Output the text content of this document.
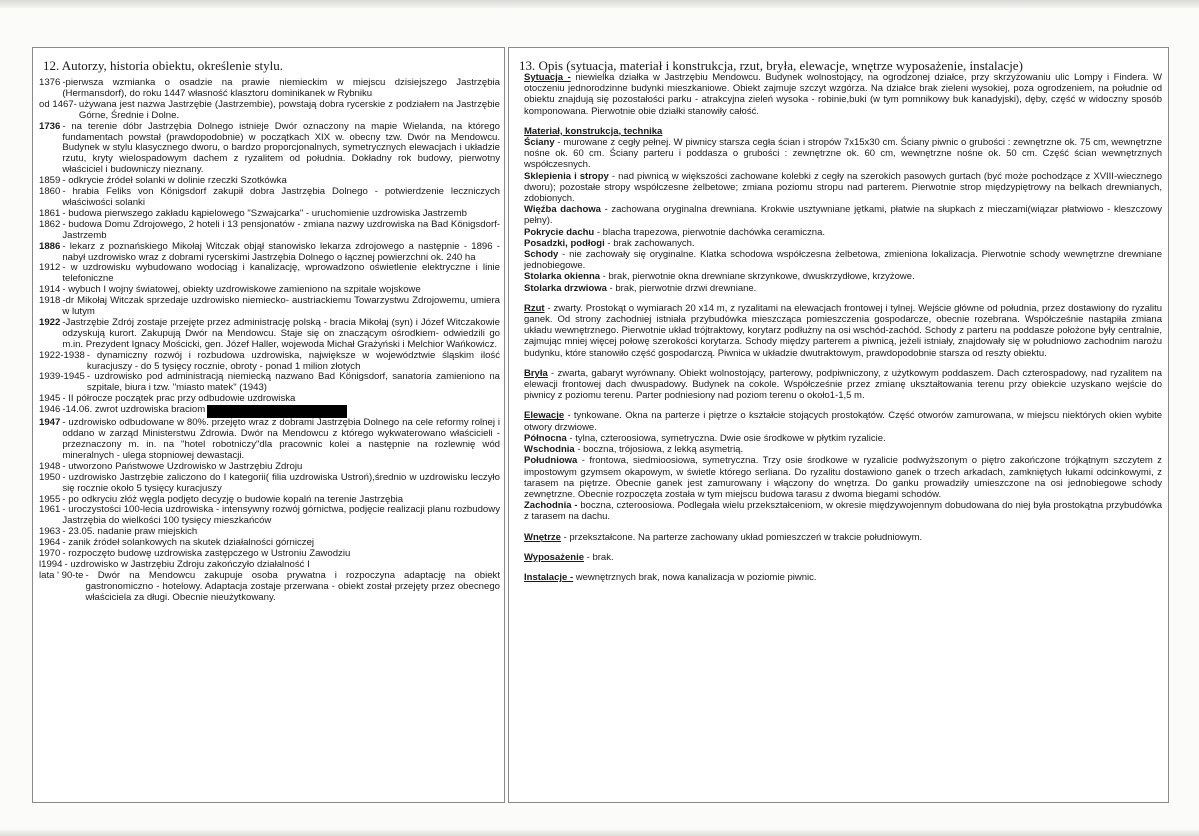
12. Autorzy, historia obiektu, określenie stylu.
1376 -pierwsza wzmianka o osadzie na prawie niemieckim w miejscu dzisiejszego Jastrzębia (Hermansdorf), do roku 1447 własność klasztoru dominikanek w Rybniku
od 1467- używana jest nazwa Jastrzębie (Jastrzembie), powstają dobra rycerskie z podziałem na Jastrzębie Górne, Średnie i Dolne.
1736 - na terenie dóbr Jastrzębia Dolnego istnieje Dwór oznaczony na mapie Wielanda, na którego fundamentach powstał (prawdopodobnie) w początkach XIX w. obecny tzw. Dwór na Mendowcu. Budynek w stylu klasycznego dworu, o bardzo proporcjonalnych, symetrycznych elewacjach i układzie rzutu, kryty wielospadowym dachem z ryzalitem od południa. Dokładny rok budowy, pierwotny właściciel i budowniczy nieznany.
1859 - odkrycie źródeł solanki w dolinie rzeczki Szotkówka
1860 - hrabia Feliks von Königsdorf zakupił dobra Jastrzębia Dolnego - potwierdzenie leczniczych właściwości solanki
1861 - budowa pierwszego zakładu kąpielowego "Szwajcarka" - uruchomienie uzdrowiska Jastrzemb
1862 - budowa Domu Zdrojowego, 2 hoteli i 13 pensjonatów - zmiana nazwy uzdrowiska na Bad Königsdorf- Jastrzemb
1886 - lekarz z poznańskiego Mikołaj Witczak objął stanowisko lekarza zdrojowego a następnie - 1896 - nabył uzdrowisko wraz z dobrami rycerskimi Jastrzębia Dolnego o łącznej powierzchni ok. 240 ha
1912 - w uzdrowisku wybudowano wodociąg i kanalizację, wprowadzono oświetlenie elektryczne i linie telefoniczne
1914 - wybuch I wojny światowej, obiekty uzdrowiskowe zamieniono na szpitale wojskowe
1918 -dr Mikołaj Witczak sprzedaje uzdrowisko niemiecko- austriackiemu Towarzystwu Zdrojowemu, umiera w lutym
1922 -Jastrzębie Zdrój zostaje przejęte przez administrację polską - bracia Mikołaj (syn) i Józef Witczakowie odzyskują kurort. Zakupują Dwór na Mendowcu. Staje się on znaczącym ośrodkiem- odwiedzili go m.in. Prezydent Ignacy Mościcki, gen. Józef Haller, wojewoda Michał Grażyński i Melchior Wańkowicz.
1922-1938 - dynamiczny rozwój i rozbudowa uzdrowiska, największe w województwie śląskim ilość kuracjuszy - do 5 tysięcy rocznie, obroty - ponad 1 milion złotych
1939-1945 - uzdrowisko pod administracją niemiecką nazwano Bad Königsdorf, sanatoria zamieniono na szpitale, biura i tzw. "miasto matek" (1943)
1945 - II półrocze początek prac przy odbudowie uzdrowiska
1946 -14.06. zwrot uzdrowiska braciom
1947 - uzdrowisko odbudowane w 80%. przejęto wraz z dobrami Jastrzębia Dolnego na cele reformy rolnej i oddano w zarząd Ministerstwu Zdrowia. Dwór na Mendowcu z którego wykwaterowano właścicieli - przeznaczony m. in. na "hotel robotniczy"dla pracownic kolei a następnie na rozlewnię wód mineralnych - ulega stopniowej dewastacji.
1948 - utworzono Państwowe Uzdrowisko w Jastrzębiu Zdroju
1950 - uzdrowisko Jastrzębie zaliczono do I kategorii( filia uzdrowiska Ustroń),średnio w uzdrowisku leczyło się rocznie około 5 tysięcy kuracjuszy
1955 - po odkryciu złóż węgla podjęto decyzję o budowie kopalń na terenie Jastrzębia
1961 - uroczystości 100-lecia uzdrowiska - intensywny rozwój górnictwa, podjęcie realizacji planu rozbudowy Jastrzębia do wielkości 100 tysięcy mieszkańców
1963 - 23.05. nadanie praw miejskich
1964 - zanik źródeł solankowych na skutek działalności górniczej
1970 - rozpoczęto budowę uzdrowiska zastępczego w Ustroniu Zawodziu
l1994 - uzdrowisko w Jastrzębiu Zdroju zakończyło działalność I
lata ' 90-te - Dwór na Mendowcu zakupuje osoba prywatna i rozpoczyna adaptację na obiekt gastronomiczno - hotelowy. Adaptacja zostaje przerwana - obiekt został przejęty przez obecnego właściciela za długi. Obecnie nieużytkowany.
13. Opis (sytuacja, materiał i konstrukcja, rzut, bryła, elewacje, wnętrze wyposażenie, instalacje)

Sytuacja - niewielka działka w Jastrzębiu Mendowcu. Budynek wolnostojący, na ogrodzonej działce, przy skrzyżowaniu ulic Lompy i Findera. W otoczeniu jednorodzinne budynki mieszkaniowe. Obiekt zajmuje szczyt wzgórza. Na działce brak zieleni wysokiej, poza ogrodzeniem, na południe od obiektu znajdują się pozostałości parku - atrakcyjna zieleń wysoka - robinie,buki (w tym pomnikowy buk kanadyjski), dęby, część w widoczny sposób komponowana. Pierwotnie obie działki stanowiły całość.

Materiał, konstrukcja, technika

Ściany - murowane z cegły pełnej. W piwnicy starsza cegła ścian i stropów 7x15x30 cm. Ściany piwnic o grubości : zewnętrzne ok. 75 cm, wewnętrzne nośne ok. 60 cm. Ściany parteru i poddasza o grubości : zewnętrzne ok. 60 cm, wewnętrzne nośne ok. 50 cm. Część ścian wewnętrznych współczesnych.

Sklepienia i stropy - nad piwnicą w większości zachowane kolebki z cegły na szerokich pasowych gurtach (być może pochodzące z XVIII-wiecznego dworu); pozostałe stropy współczesne żelbetowe; zmiana poziomu stropu nad parterem. Pierwotnie strop międzypiętrowy na belkach drewnianych, zdobionych.

Więźba dachowa - zachowana oryginalna drewniana. Krokwie usztywniane jętkami, płatwie na słupkach z mieczami(wiązar płatwiowo - kleszczowy pełny).

Pokrycie dachu - blacha trapezowa, pierwotnie dachówka ceramiczna.

Posadzki, podłogi - brak zachowanych.

Schody - nie zachowały się oryginalne. Klatka schodowa współczesna żelbetowa, zmieniona lokalizacja. Pierwotnie schody wewnętrzne drewniane jednobiegowe.

Stolarka okienna - brak, pierwotnie okna drewniane skrzynkowe, dwuskrzydłowe, krzyżowe.

Stolarka drzwiowa - brak, pierwotnie drzwi drewniane.

Rzut - zwarty. Prostokąt o wymiarach 20 x14 m, z ryzalitami na elewacjach frontowej i tylnej. Wejście główne od południa, przez dostawiony do ryzalitu ganek. Od strony zachodniej istniała przybudówka mieszcząca pomieszczenia gospodarcze, obecnie rozebrana. Współcześnie nastąpiła zmiana układu wewnętrznego. Pierwotnie układ trójtraktowy, korytarz podłużny na osi wschód-zachód. Schody z parteru na poddasze położone były centralnie, zajmując mniej więcej połowę szerokości korytarza. Schody między parterem a piwnicą, jeżeli istniały, znajdowały się w południowo zachodnim narożu budynku, które stanowiło część gospodarczą. Piwnica w układzie dwutraktowym, prawdopodobnie starsza od reszty obiektu.

Bryła - zwarta, gabaryt wyrównany. Obiekt wolnostojący, parterowy, podpiwniczony, z użytkowym poddaszem. Dach czterospadowy, nad ryzalitem na elewacji frontowej dach dwuspadowy. Budynek na cokole. Współcześnie przez zmianę ukształtowania terenu przy obiekcie uzyskano wejście do piwnicy z poziomu terenu. Parter podniesiony nad poziom terenu o około1-1,5 m.

Elewacje - tynkowane. Okna na parterze i piętrze o kształcie stojących prostokątów. Część otworów zamurowana, w miejscu niektórych okien wybite otwory drzwiowe.

Północna - tylna, czteroosiowa, symetryczna. Dwie osie środkowe w płytkim ryzalicie.

Wschodnia - boczna, trójosiowa, z lekką asymetrią.

Południowa - frontowa, siedmioosiowa, symetryczna. Trzy osie środkowe w ryzalicie podwyższonym o piętro zakończone trójkątnym szczytem z impostowym gzymsem okapowym, w świetle którego serliana. Do ryzalitu dostawiono ganek o trzech arkadach, zamkniętych łukami odcinkowymi, z tarasem na piętrze. Obecnie ganek jest zamurowany i włączony do wnętrza. Do ganku prowadziły umieszczone na osi jednobiegowe schody zewnętrzne. Obecnie rozpoczęta została w tym miejscu budowa tarasu z dwoma biegami schodów.

Zachodnia - boczna, czteroosiowa. Podlegała wielu przekształceniom, w okresie międzywojennym dobudowana do niej była prostokątna przybudówka z tarasem na dachu.

Wnętrze - przekształcone. Na parterze zachowany układ pomieszczeń w trakcie południowym.

Wyposażenie - brak.

Instalacje - wewnętrznych brak, nowa kanalizacja w poziomie piwnic.
